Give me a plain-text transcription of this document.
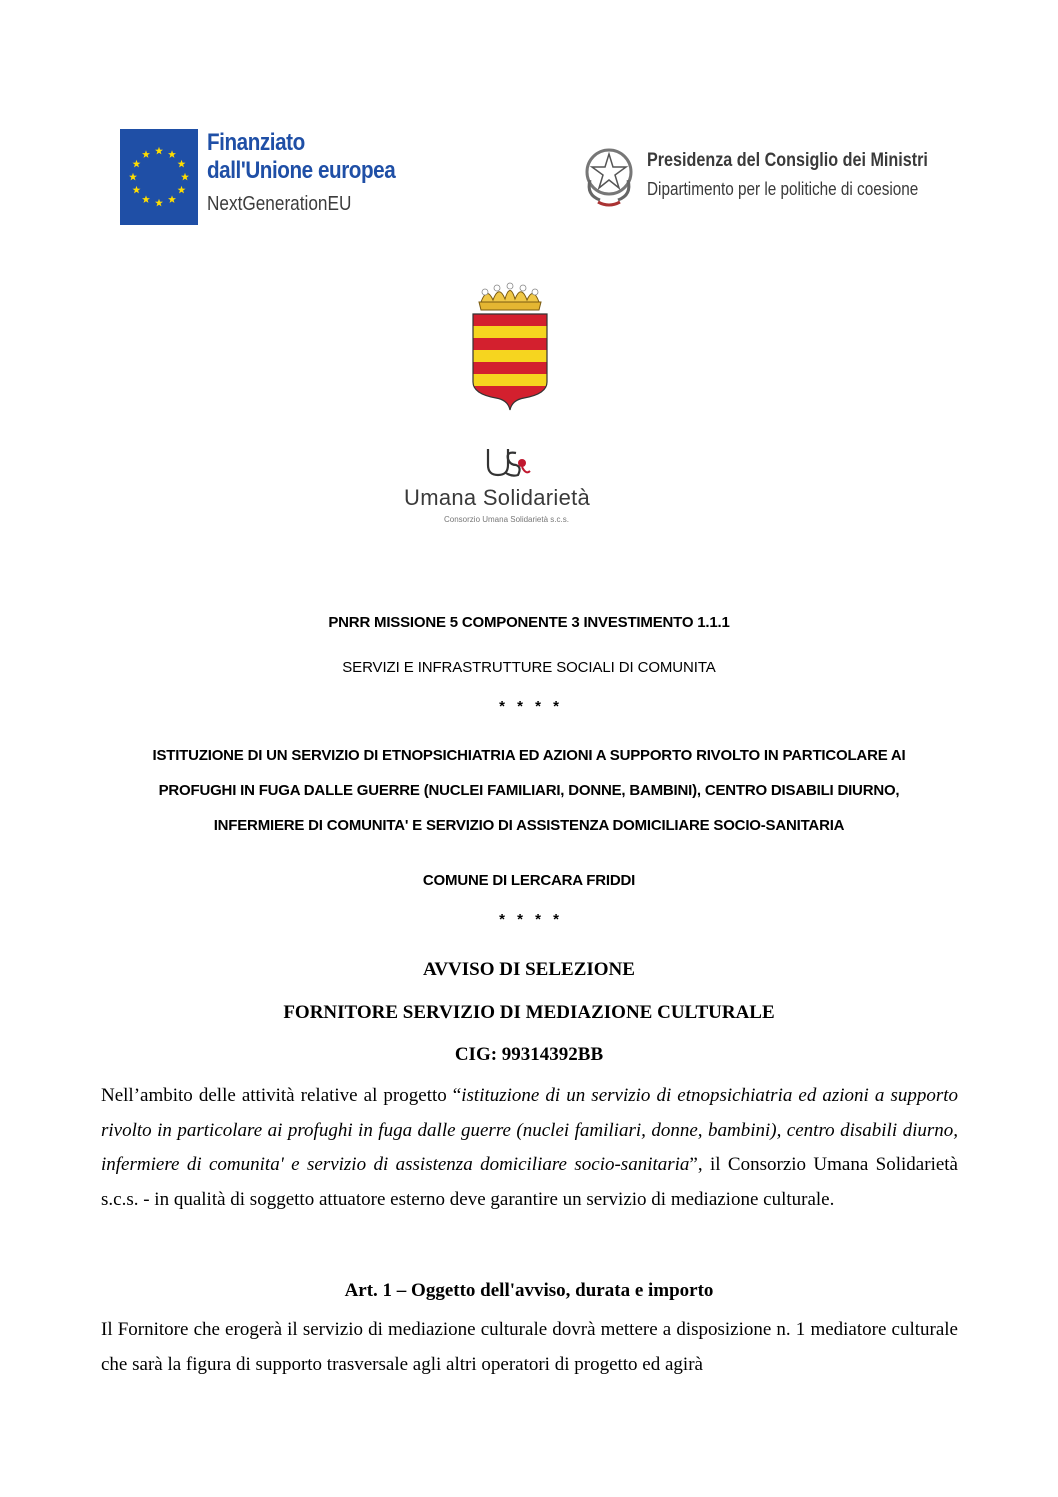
Finanziato
dall'Unione europea
NextGenerationEU
Presidenza del Consiglio dei Ministri
Dipartimento per le politiche di coesione
Umana Solidarietà
Consorzio Umana Solidarietà s.c.s.
PNRR MISSIONE 5 COMPONENTE 3 INVESTIMENTO 1.1.1
SERVIZI E INFRASTRUTTURE SOCIALI DI COMUNITA
* * * *
ISTITUZIONE DI UN SERVIZIO DI ETNOPSICHIATRIA ED AZIONI A SUPPORTO RIVOLTO IN PARTICOLARE AI
PROFUGHI IN FUGA DALLE GUERRE (NUCLEI FAMILIARI, DONNE, BAMBINI), CENTRO DISABILI DIURNO,
INFERMIERE DI COMUNITA' E SERVIZIO DI ASSISTENZA DOMICILIARE SOCIO-SANITARIA
COMUNE DI LERCARA FRIDDI
* * * *
AVVISO DI SELEZIONE
FORNITORE SERVIZIO DI MEDIAZIONE CULTURALE
CIG: 99314392BB
Nell’ambito delle attività relative al progetto “istituzione di un servizio di etnopsichiatria ed azioni a supporto rivolto in particolare ai profughi in fuga dalle guerre (nuclei familiari, donne, bambini), centro disabili diurno, infermiere di comunita' e servizio di assistenza domiciliare socio-sanitaria”, il Consorzio Umana Solidarietà s.c.s. - in qualità di soggetto attuatore esterno deve garantire un servizio di mediazione culturale.
Art. 1 – Oggetto dell'avviso, durata e importo
Il Fornitore che erogerà il servizio di mediazione culturale dovrà mettere a disposizione n. 1 mediatore culturale che sarà la figura di supporto trasversale agli altri operatori di progetto ed agirà
